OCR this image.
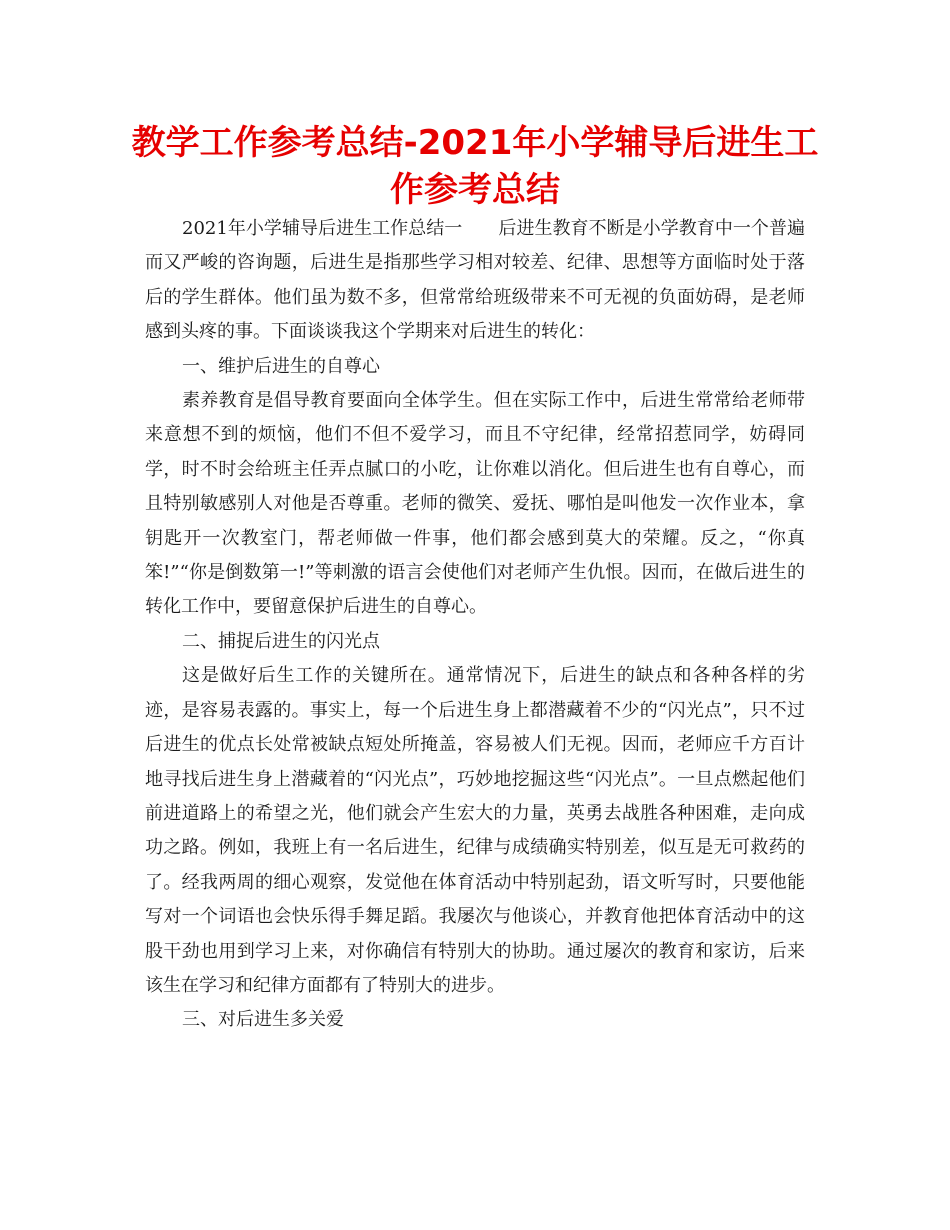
教学工作参考总结-2021年小学辅导后进生工作参考总结

2021年小学辅导后进生工作总结一　　后进生教育不断是小学教育中一个普遍而又严峻的咨询题，后进生是指那些学习相对较差、纪律、思想等方面临时处于落后的学生群体。他们虽为数不多，但常常给班级带来不可无视的负面妨碍，是老师感到头疼的事。下面谈谈我这个学期来对后进生的转化：

一、维护后进生的自尊心

素养教育是倡导教育要面向全体学生。但在实际工作中，后进生常常给老师带来意想不到的烦恼，他们不但不爱学习，而且不守纪律，经常招惹同学，妨碍同学，时不时会给班主任弄点腻口的小吃，让你难以消化。但后进生也有自尊心，而且特别敏感别人对他是否尊重。老师的微笑、爱抚、哪怕是叫他发一次作业本，拿钥匙开一次教室门，帮老师做一件事，他们都会感到莫大的荣耀。反之，“你真笨!”“你是倒数第一!”等刺激的语言会使他们对老师产生仇恨。因而，在做后进生的转化工作中，要留意保护后进生的自尊心。

二、捕捉后进生的闪光点

这是做好后生工作的关键所在。通常情况下，后进生的缺点和各种各样的劣迹，是容易表露的。事实上，每一个后进生身上都潜藏着不少的“闪光点”，只不过后进生的优点长处常被缺点短处所掩盖，容易被人们无视。因而，老师应千方百计地寻找后进生身上潜藏着的“闪光点”，巧妙地挖掘这些“闪光点”。一旦点燃起他们前进道路上的希望之光，他们就会产生宏大的力量，英勇去战胜各种困难，走向成功之路。例如，我班上有一名后进生，纪律与成绩确实特别差，似互是无可救药的了。经我两周的细心观察，发觉他在体育活动中特别起劲，语文听写时，只要他能写对一个词语也会快乐得手舞足蹈。我屡次与他谈心，并教育他把体育活动中的这股干劲也用到学习上来，对你确信有特别大的协助。通过屡次的教育和家访，后来该生在学习和纪律方面都有了特别大的进步。

三、对后进生多关爱
